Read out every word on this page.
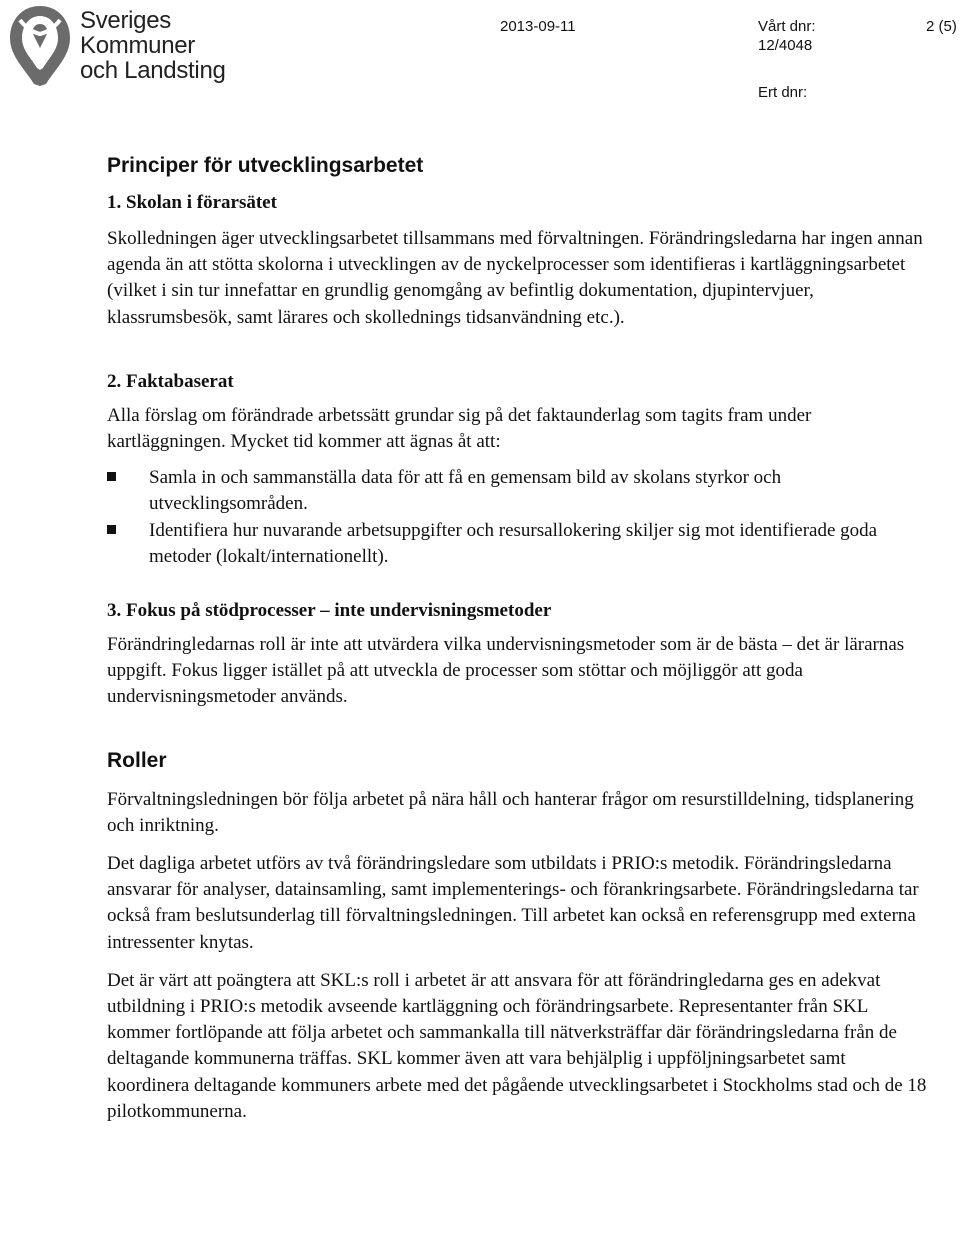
Sveriges
Kommuner
och Landsting
2013-09-11	Vårt dnr:
12/4048
2 (5)
Ert dnr:
Principer för utvecklingsarbetet
1. Skolan i förarsätet

Skolledningen äger utvecklingsarbetet tillsammans med förvaltningen. Förändringsledarna har ingen annan agenda än att stötta skolorna i utvecklingen av de nyckelprocesser som identifieras i kartläggningsarbetet (vilket i sin tur innefattar en grundlig genomgång av befintlig dokumentation, djupintervjuer, klassrumsbesök, samt lärares och skollednings tidsanvändning etc.).

2. Faktabaserat

Alla förslag om förändrade arbetssätt grundar sig på det faktaunderlag som tagits fram under kartläggningen. Mycket tid kommer att ägnas åt att:

Samla in och sammanställa data för att få en gemensam bild av skolans styrkor och utvecklingsområden.
Identifiera hur nuvarande arbetsuppgifter och resursallokering skiljer sig mot identifierade goda metoder (lokalt/internationellt).
3. Fokus på stödprocesser – inte undervisningsmetoder

Förändringledarnas roll är inte att utvärdera vilka undervisningsmetoder som är de bästa – det är lärarnas uppgift. Fokus ligger istället på att utveckla de processer som stöttar och möjliggör att goda undervisningsmetoder används.

Roller

Förvaltningsledningen bör följa arbetet på nära håll och hanterar frågor om resurstilldelning, tidsplanering och inriktning.

Det dagliga arbetet utförs av två förändringsledare som utbildats i PRIO:s metodik. Förändringsledarna ansvarar för analyser, datainsamling, samt implementerings- och förankringsarbete. Förändringsledarna tar också fram beslutsunderlag till förvaltningsledningen. Till arbetet kan också en referensgrupp med externa intressenter knytas.

Det är värt att poängtera att SKL:s roll i arbetet är att ansvara för att förändringledarna ges en adekvat utbildning i PRIO:s metodik avseende kartläggning och förändringsarbete. Representanter från SKL kommer fortlöpande att följa arbetet och sammankalla till nätverksträffar där förändringsledarna från de deltagande kommunerna träffas. SKL kommer även att vara behjälplig i uppföljningsarbetet samt koordinera deltagande kommuners arbete med det pågående utvecklingsarbetet i Stockholms stad och de 18 pilotkommunerna.
